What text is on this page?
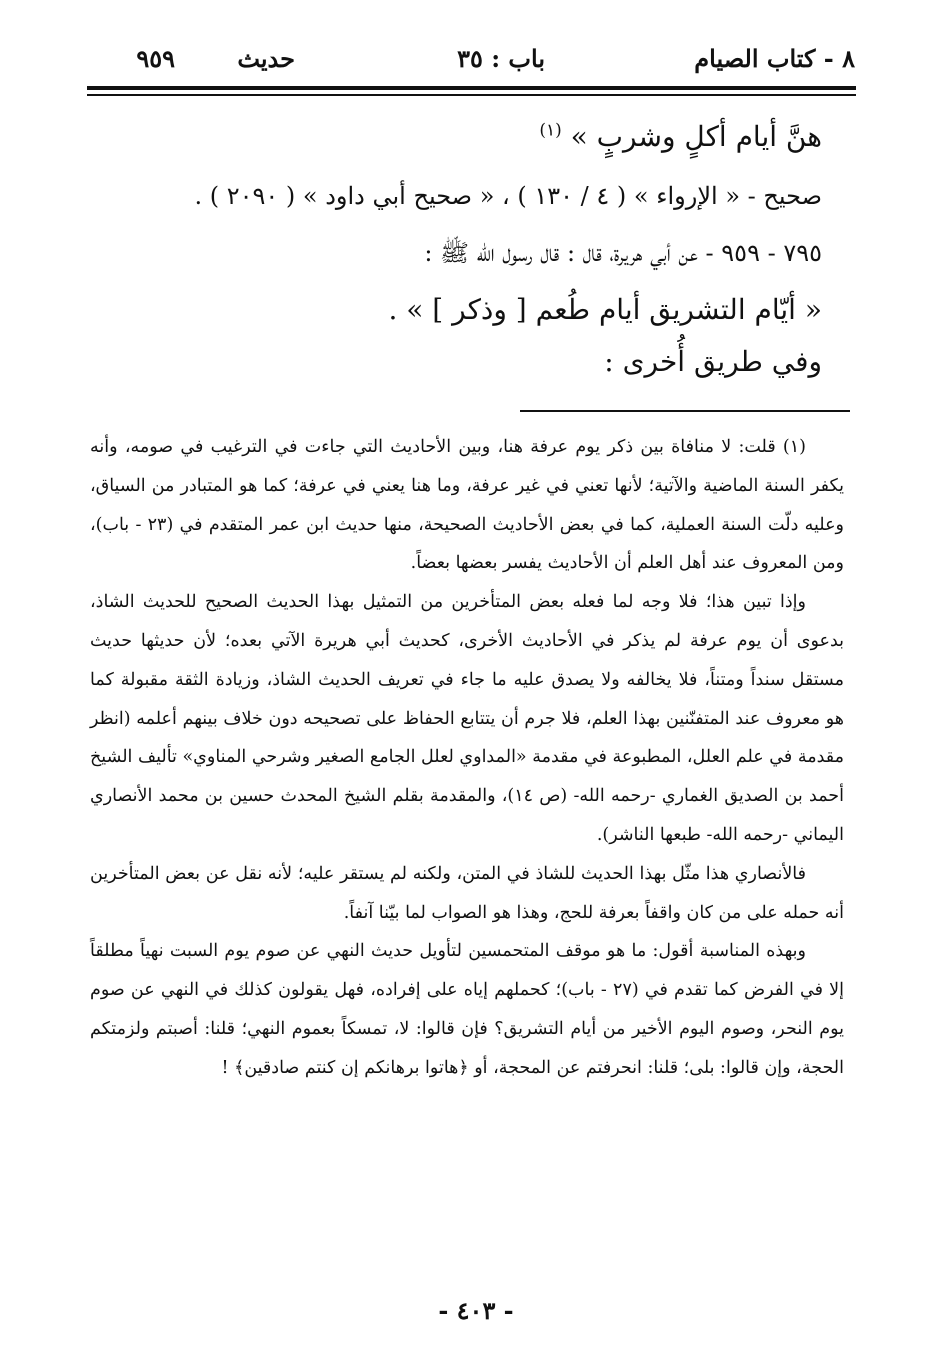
٨ - كتاب الصيام
باب : ٣٥
حديث
٩٥٩
هنَّ أيام أكلٍ وشربٍ » $^{(١)}$
صحيح - « الإرواء » ( ٤ / ١٣٠ ) ، « صحيح أبي داود » ( ٢٠٩٠ ) .
٧٩٥ - ٩٥٩ - عن أبي هريرة، قال : قال رسول الله ﷺ :
« أيّام التشريق أيام طُعم [ وذكر ] » .
وفي طريق أُخرى :

(١) قلت: لا منافاة بين ذكر يوم عرفة هنا، وبين الأحاديث التي جاءت في الترغيب في صومه، وأنه يكفر السنة الماضية والآتية؛ لأنها تعني في غير عرفة، وما هنا يعني في عرفة؛ كما هو المتبادر من السياق، وعليه دلّت السنة العملية، كما في بعض الأحاديث الصحيحة، منها حديث ابن عمر المتقدم في (٢٣ - باب)، ومن المعروف عند أهل العلم أن الأحاديث يفسر بعضها بعضاً.

وإذا تبين هذا؛ فلا وجه لما فعله بعض المتأخرين من التمثيل بهذا الحديث الصحيح للحديث الشاذ، بدعوى أن يوم عرفة لم يذكر في الأحاديث الأخرى، كحديث أبي هريرة الآتي بعده؛ لأن حديثها حديث مستقل سنداً ومتناً، فلا يخالفه ولا يصدق عليه ما جاء في تعريف الحديث الشاذ، وزيادة الثقة مقبولة كما هو معروف عند المتفنّنين بهذا العلم، فلا جرم أن يتتابع الحفاظ على تصحيحه دون خلاف بينهم أعلمه (انظر مقدمة في علم العلل، المطبوعة في مقدمة «المداوي لعلل الجامع الصغير وشرحي المناوي» تأليف الشيخ أحمد بن الصديق الغماري -رحمه الله- (ص ١٤)، والمقدمة بقلم الشيخ المحدث حسين بن محمد الأنصاري اليماني -رحمه الله- طبعها الناشر).

فالأنصاري هذا مثّل بهذا الحديث للشاذ في المتن، ولكنه لم يستقر عليه؛ لأنه نقل عن بعض المتأخرين أنه حمله على من كان واقفاً بعرفة للحج، وهذا هو الصواب لما بيّنا آنفاً.

وبهذه المناسبة أقول: ما هو موقف المتحمسين لتأويل حديث النهي عن صوم يوم السبت نهياً مطلقاً إلا في الفرض كما تقدم في (٢٧ - باب)؛ كحملهم إياه على إفراده، فهل يقولون كذلك في النهي عن صوم يوم النحر، وصوم اليوم الأخير من أيام التشريق؟ فإن قالوا: لا، تمسكاً بعموم النهي؛ قلنا: أصبتم ولزمتكم الحجة، وإن قالوا: بلى؛ قلنا: انحرفتم عن المحجة، أو ﴿هاتوا برهانكم إن كنتم صادقين﴾ !

- ٤٠٣ -
